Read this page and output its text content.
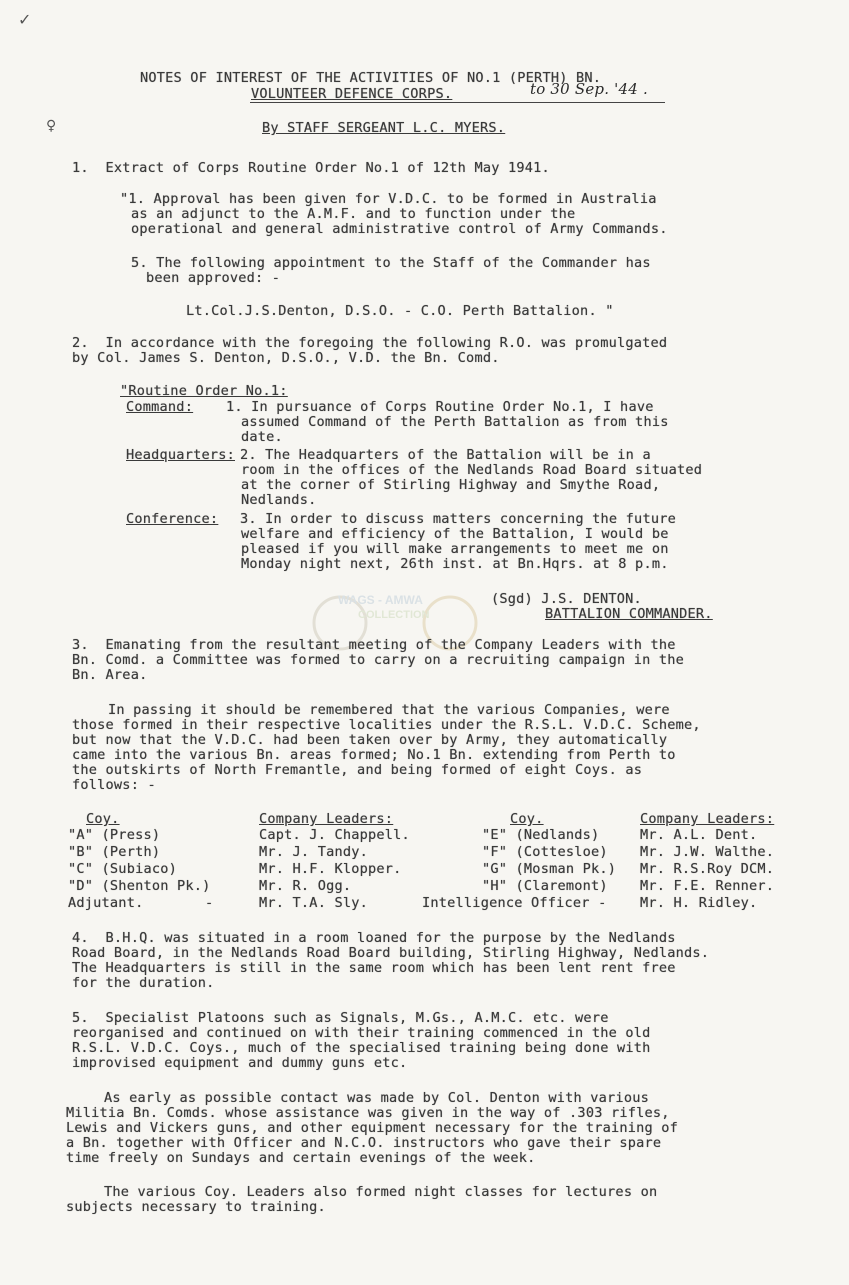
✓
♀
NOTES OF INTEREST OF THE ACTIVITIES OF NO.1 (PERTH) BN.
VOLUNTEER DEFENCE CORPS.	to 30 Sep. '44 .
By STAFF SERGEANT L.C. MYERS.
1.  Extract of Corps Routine Order No.1 of 12th May 1941.
"1. Approval has been given for V.D.C. to be formed in Australia
as an adjunct to the A.M.F. and to function under the
operational and general administrative control of Army Commands.
5. The following appointment to the Staff of the Commander has
been approved: -
Lt.Col.J.S.Denton, D.S.O. - C.O. Perth Battalion. "
2.  In accordance with the foregoing the following R.O. was promulgated
by Col. James S. Denton, D.S.O., V.D. the Bn. Comd.
"Routine Order No.1:
Command: 1. In pursuance of Corps Routine Order No.1, I have
assumed Command of the Perth Battalion as from this
date.
Headquarters: 2. The Headquarters of the Battalion will be in a
room in the offices of the Nedlands Road Board situated
at the corner of Stirling Highway and Smythe Road,
Nedlands.
Conference: 3. In order to discuss matters concerning the future
welfare and efficiency of the Battalion, I would be
pleased if you will make arrangements to meet me on
Monday night next, 26th inst. at Bn.Hqrs. at 8 p.m.
(Sgd) J.S. DENTON.
BATTALION COMMANDER.
WAGS - AMWA
COLLECTION
3.  Emanating from the resultant meeting of the Company Leaders with the
Bn. Comd. a Committee was formed to carry on a recruiting campaign in the
Bn. Area.
In passing it should be remembered that the various Companies, were
those formed in their respective localities under the R.S.L. V.D.C. Scheme,
but now that the V.D.C. had been taken over by Army, they automatically
came into the various Bn. areas formed; No.1 Bn. extending from Perth to
the outskirts of North Fremantle, and being formed of eight Coys. as
follows: -
Coy.	Company Leaders:	Coy.	Company Leaders:
"A" (Press)	Capt. J. Chappell.	"E" (Nedlands)	Mr. A.L. Dent.
"B" (Perth)	Mr. J. Tandy.	"F" (Cottesloe) Mr. J.W. Walthe.
"C" (Subiaco)	Mr. H.F. Klopper.	"G" (Mosman Pk.) Mr. R.S.Roy DCM.
"D" (Shenton Pk.)	Mr. R. Ogg.	"H" (Claremont) Mr. F.E. Renner.
Adjutant.	-	Mr. T.A. Sly.	Intelligence Officer - Mr. H. Ridley.
4.  B.H.Q. was situated in a room loaned for the purpose by the Nedlands
Road Board, in the Nedlands Road Board building, Stirling Highway, Nedlands.
The Headquarters is still in the same room which has been lent rent free
for the duration.
5.  Specialist Platoons such as Signals, M.Gs., A.M.C. etc. were
reorganised and continued on with their training commenced in the old
R.S.L. V.D.C. Coys., much of the specialised training being done with
improvised equipment and dummy guns etc.
As early as possible contact was made by Col. Denton with various
Militia Bn. Comds. whose assistance was given in the way of .303 rifles,
Lewis and Vickers guns, and other equipment necessary for the training of
a Bn. together with Officer and N.C.O. instructors who gave their spare
time freely on Sundays and certain evenings of the week.
The various Coy. Leaders also formed night classes for lectures on
subjects necessary to training.
